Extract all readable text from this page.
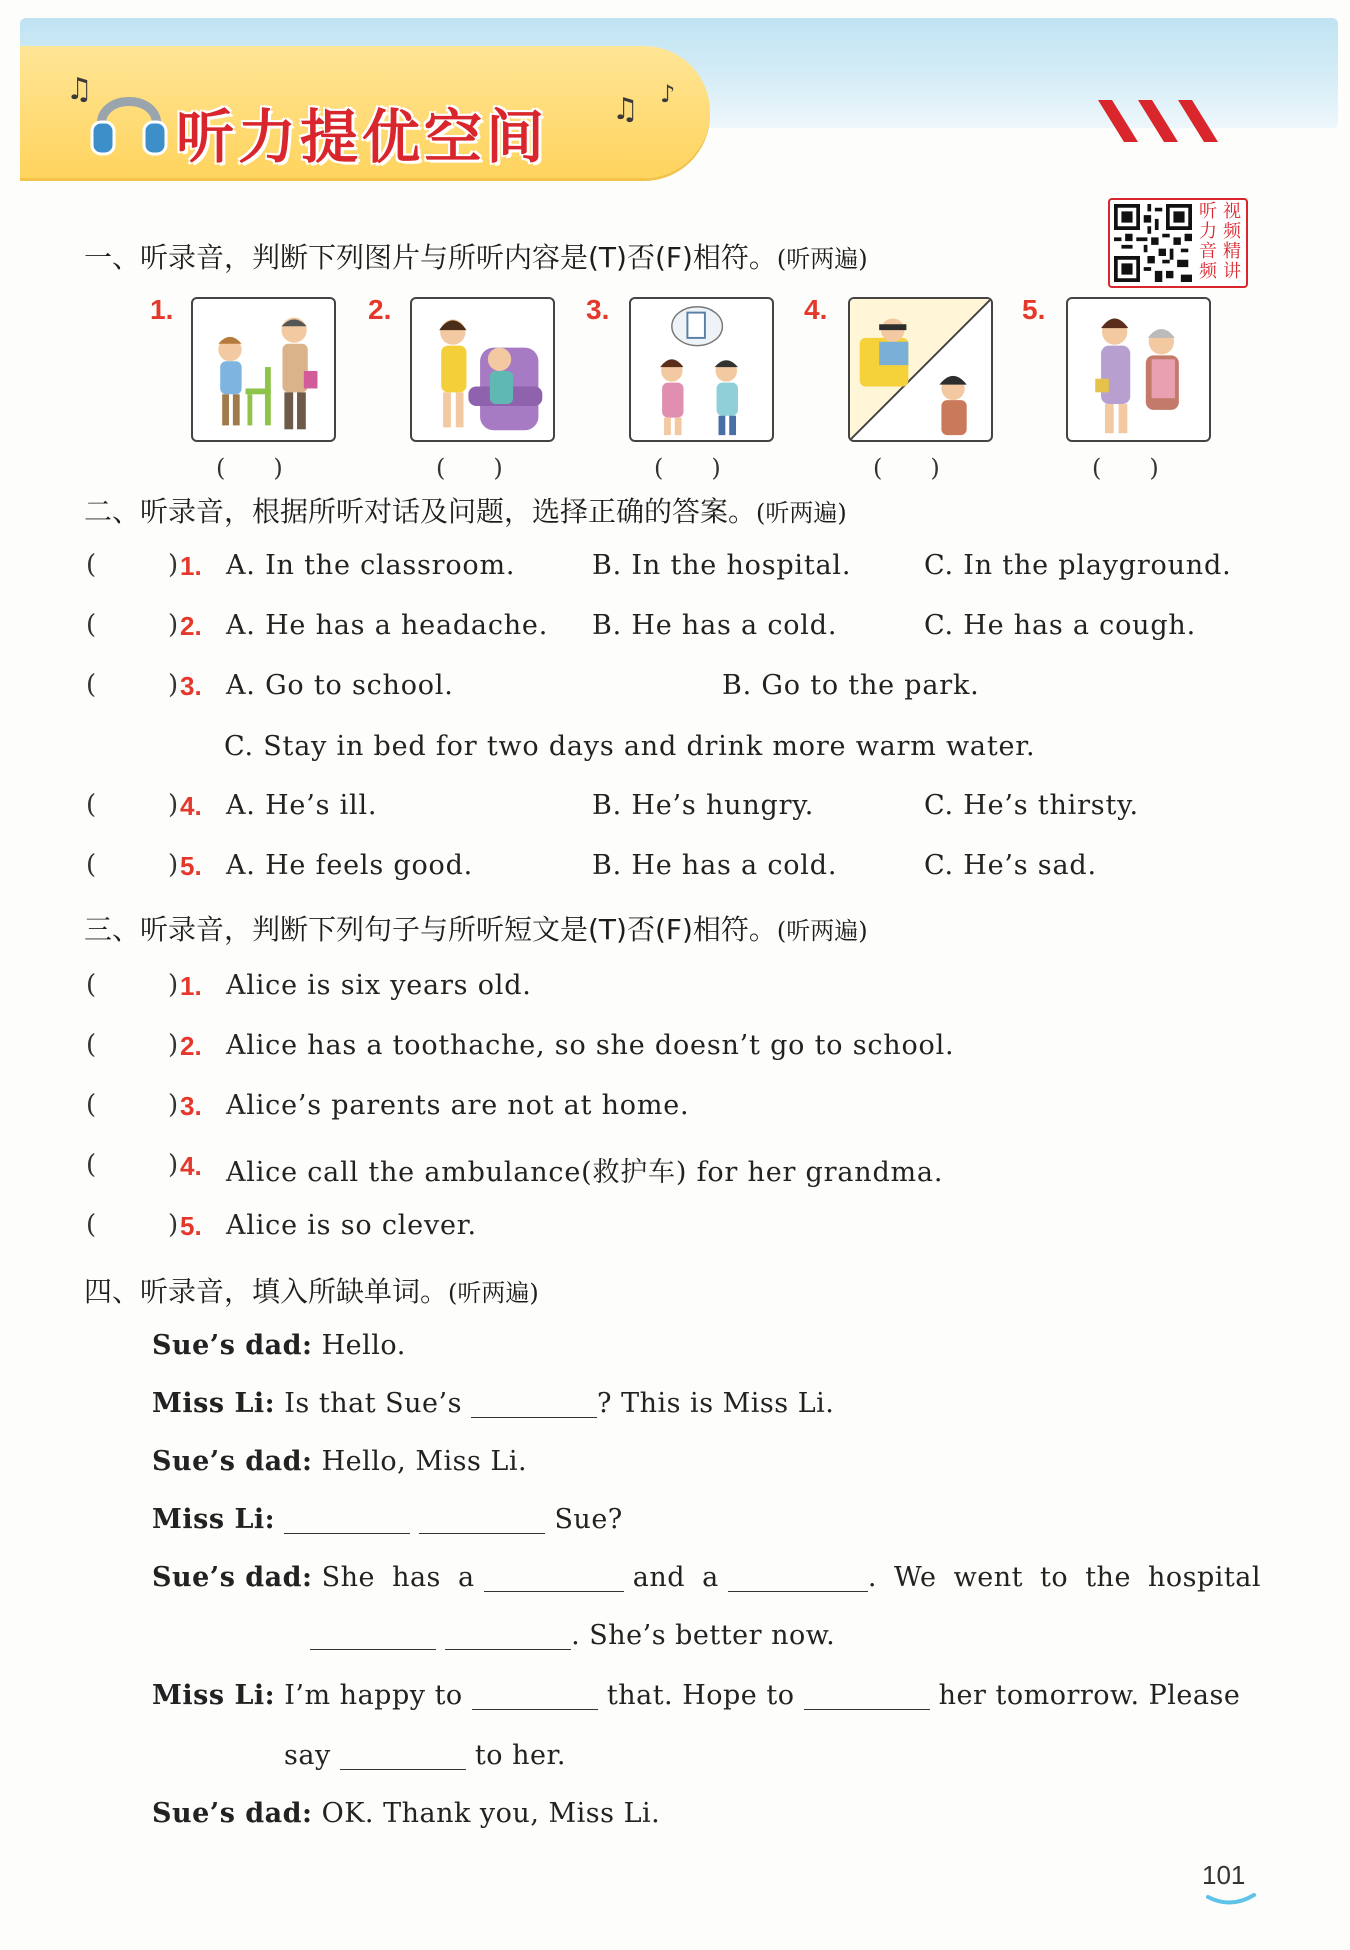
♫
♫ ♪
听力提优空间
一、听录音，判断下列图片与所听内容是(T)否(F)相符。(听两遍)
听 视
力 频
音 精
频 讲
1.
(　　)
2.
(　　)
3.
(　　)
4.
(　　)
5.
(　　)
二、听录音，根据所听对话及问题，选择正确的答案。(听两遍)
(	) 1. A. In the classroom.	B. In the hospital.	C. In the playground.
(	) 2. A. He has a headache. B. He has a cold.	C. He has a cough.
(	) 3. A. Go to school.	B. Go to the park.
C. Stay in bed for two days and drink more warm water.
(	) 4. A. He’s ill.	B. He’s hungry.	C. He’s thirsty.
(	) 5. A. He feels good.	B. He has a cold.	C. He’s sad.
三、听录音，判断下列句子与所听短文是(T)否(F)相符。(听两遍)
(	) 1. Alice is six years old.
(	) 2. Alice has a toothache, so she doesn’t go to school.
(	) 3. Alice’s parents are not at home.
(	) 4. Alice call the ambulance(救护车) for her grandma.
(	) 5. Alice is so clever.
四、听录音，填入所缺单词。(听两遍)
Sue’s dad: Hello.
Miss Li: Is that Sue’s	? This is Miss Li.
Sue’s dad: Hello, Miss Li.
Miss Li:	Sue?
Sue’s dad: She has a	and a	. We went to the hospital
. She’s better now.
Miss Li: I’m happy to	that. Hope to	her tomorrow. Please
say	to her.
Sue’s dad: OK. Thank you, Miss Li.
101
